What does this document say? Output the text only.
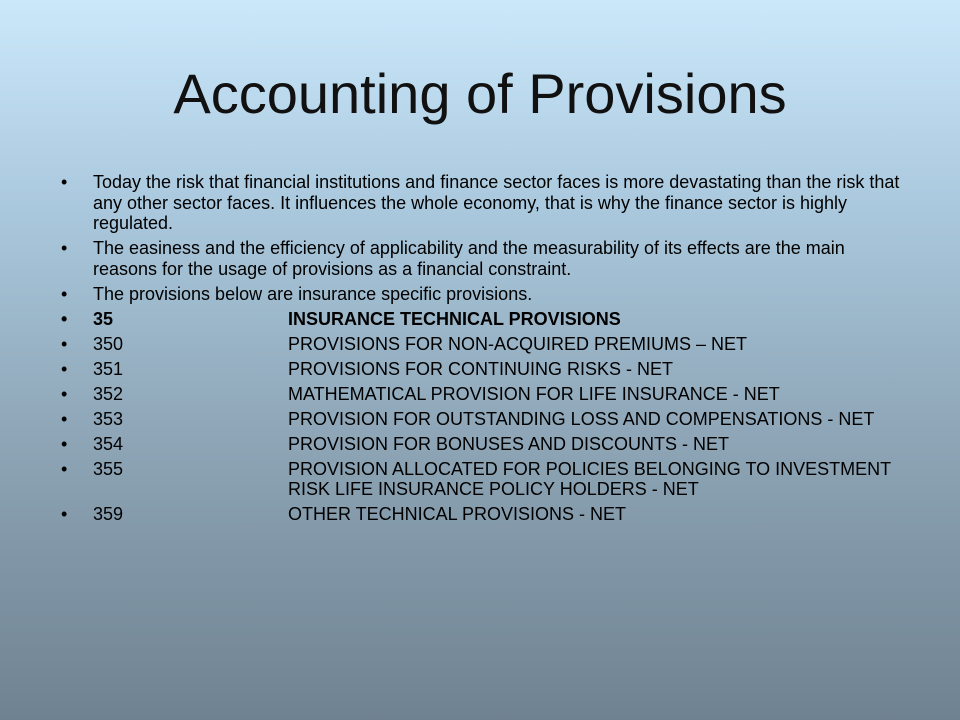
Accounting of Provisions
• Today the risk that financial institutions and finance sector faces is more devastating than the risk that any other sector faces. It influences the whole economy, that is why the finance sector is highly regulated.
• The easiness and the efficiency of applicability and the measurability of its effects are the main reasons for the usage of provisions as a financial constraint.
• The provisions below are insurance specific provisions.
• 35	INSURANCE TECHNICAL PROVISIONS
• 350	PROVISIONS FOR NON-ACQUIRED PREMIUMS – NET
• 351	PROVISIONS FOR CONTINUING RISKS - NET
• 352	MATHEMATICAL PROVISION FOR LIFE INSURANCE - NET
• 353	PROVISION FOR OUTSTANDING LOSS AND COMPENSATIONS - NET
• 354	PROVISION FOR BONUSES AND DISCOUNTS - NET
• 355	PROVISION ALLOCATED FOR POLICIES BELONGING TO INVESTMENT RISK LIFE INSURANCE POLICY HOLDERS - NET
• 359	OTHER TECHNICAL PROVISIONS - NET
